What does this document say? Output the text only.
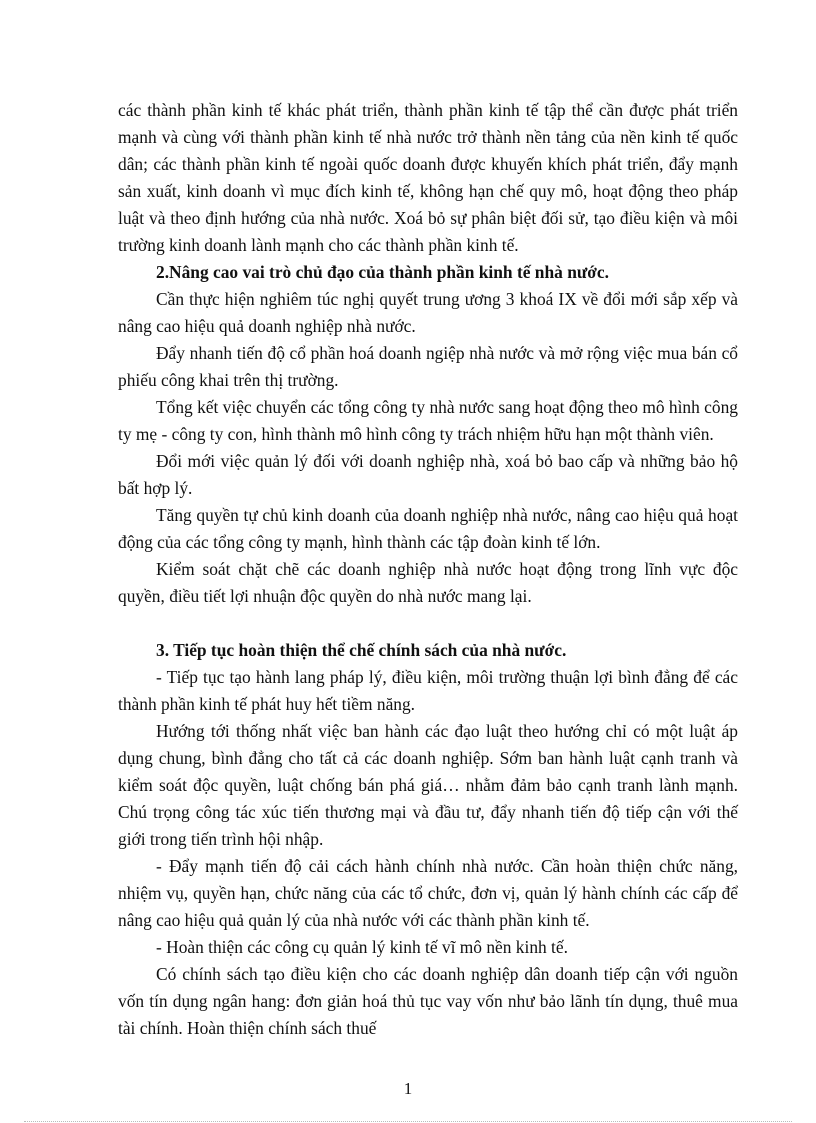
các thành phần kinh tế khác phát triển, thành phần kinh tế tập thể cần được phát triển mạnh và cùng với thành phần kinh tế nhà nước trở thành nền tảng của nền kinh tế quốc dân; các thành phần kinh tế ngoài quốc doanh được khuyến khích phát triển, đẩy mạnh sản xuất, kinh doanh vì mục đích kinh tế, không hạn chế quy mô, hoạt động theo pháp luật và theo định hướng của nhà nước. Xoá bỏ sự phân biệt đối sử, tạo điều kiện và môi trường kinh doanh lành mạnh cho các thành phần kinh tế.

2.Nâng cao vai trò chủ đạo của thành phần kinh tế nhà nước.

Cần thực hiện nghiêm túc nghị quyết trung ương 3 khoá IX về đổi mới sắp xếp và nâng cao hiệu quả doanh nghiệp nhà nước.

Đẩy nhanh tiến độ cổ phần hoá doanh ngiệp nhà nước và mở rộng việc mua bán cổ phiếu công khai trên thị trường.

Tổng kết việc chuyển các tổng công ty nhà nước sang hoạt động theo mô hình công ty mẹ - công ty con, hình thành mô hình công ty trách nhiệm hữu hạn một thành viên.

Đổi mới việc quản lý đối với doanh nghiệp nhà, xoá bỏ bao cấp và những bảo hộ bất hợp lý.

Tăng quyền tự chủ kinh doanh của doanh nghiệp nhà nước, nâng cao hiệu quả hoạt động của các tổng công ty mạnh, hình thành các tập đoàn kinh tế lớn.

Kiểm soát chặt chẽ các doanh nghiệp nhà nước hoạt động trong lĩnh vực độc quyền, điều tiết lợi nhuận độc quyền do nhà nước mang lại.

3. Tiếp tục hoàn thiện thể chế chính sách của nhà nước.

- Tiếp tục tạo hành lang pháp lý, điều kiện, môi trường thuận lợi bình đẳng để các thành phần kinh tế phát huy hết tiềm năng.

Hướng tới thống nhất việc ban hành các đạo luật theo hướng chỉ có một luật áp dụng chung, bình đẳng cho tất cả các doanh nghiệp. Sớm ban hành luật cạnh tranh và kiểm soát độc quyền, luật chống bán phá giá… nhằm đảm bảo cạnh tranh lành mạnh. Chú trọng công tác xúc tiến thương mại và đầu tư, đẩy nhanh tiến độ tiếp cận với thế giới trong tiến trình hội nhập.

- Đẩy mạnh tiến độ cải cách hành chính nhà nước. Cần hoàn thiện chức năng, nhiệm vụ, quyền hạn, chức năng của các tổ chức, đơn vị, quản lý hành chính các cấp để nâng cao hiệu quả quản lý của nhà nước với các thành phần kinh tế.

- Hoàn thiện các công cụ quản lý kinh tế vĩ mô nền kinh tế.

Có chính sách tạo điều kiện cho các doanh nghiệp dân doanh tiếp cận với nguồn vốn tín dụng ngân hang: đơn giản hoá thủ tục vay vốn như bảo lãnh tín dụng, thuê mua tài chính. Hoàn thiện chính sách thuế

1
